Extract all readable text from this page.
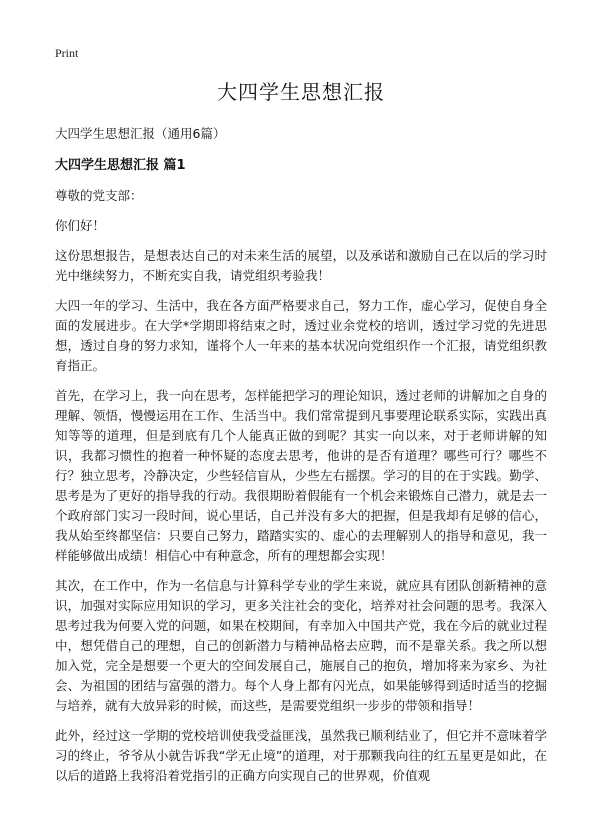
Print
大四学生思想汇报

大四学生思想汇报（通用6篇）

大四学生思想汇报 篇1

尊敬的党支部：

你们好！

这份思想报告，是想表达自己的对未来生活的展望，以及承诺和激励自己在以后的学习时光中继续努力，不断充实自我，请党组织考验我！

大四一年的学习、生活中，我在各方面严格要求自己，努力工作，虚心学习，促使自身全面的发展进步。在大学*学期即将结束之时，透过业余党校的培训，透过学习党的先进思想，透过自身的努力求知，谨将个人一年来的基本状况向党组织作一个汇报，请党组织教育指正。

首先，在学习上，我一向在思考，怎样能把学习的理论知识，透过老师的讲解加之自身的理解、领悟，慢慢运用在工作、生活当中。我们常常提到凡事要理论联系实际，实践出真知等等的道理，但是到底有几个人能真正做的到呢？其实一向以来，对于老师讲解的知识，我都习惯性的抱着一种怀疑的态度去思考，他讲的是否有道理？哪些可行？哪些不行？独立思考，冷静决定，少些轻信盲从，少些左右摇摆。学习的目的在于实践。勤学、思考是为了更好的指导我的行动。我很期盼着假能有一个机会来锻炼自己潜力，就是去一个政府部门实习一段时间，说心里话，自己并没有多大的把握，但是我却有足够的信心，我从始至终都坚信：只要自己努力，踏踏实实的、虚心的去理解别人的指导和意见，我一样能够做出成绩！相信心中有种意念，所有的理想都会实现！

其次，在工作中，作为一名信息与计算科学专业的学生来说，就应具有团队创新精神的意识，加强对实际应用知识的学习，更多关注社会的变化，培养对社会问题的思考。我深入思考过我为何要入党的问题，如果在校期间，有幸加入中国共产党，我在今后的就业过程中，想凭借自己的理想，自己的创新潜力与精神品格去应聘，而不是靠关系。我之所以想加入党，完全是想要一个更大的空间发展自己，施展自己的抱负，增加将来为家乡、为社会、为祖国的团结与富强的潜力。每个人身上都有闪光点，如果能够得到适时适当的挖掘与培养，就有大放异彩的时候，而这些，是需要党组织一步步的带领和指导！

此外，经过这一学期的党校培训使我受益匪浅，虽然我已顺利结业了，但它并不意味着学习的终止，爷爷从小就告诉我“学无止境”的道理，对于那颗我向往的红五星更是如此，在以后的道路上我将沿着党指引的正确方向实现自己的世界观，价值观
